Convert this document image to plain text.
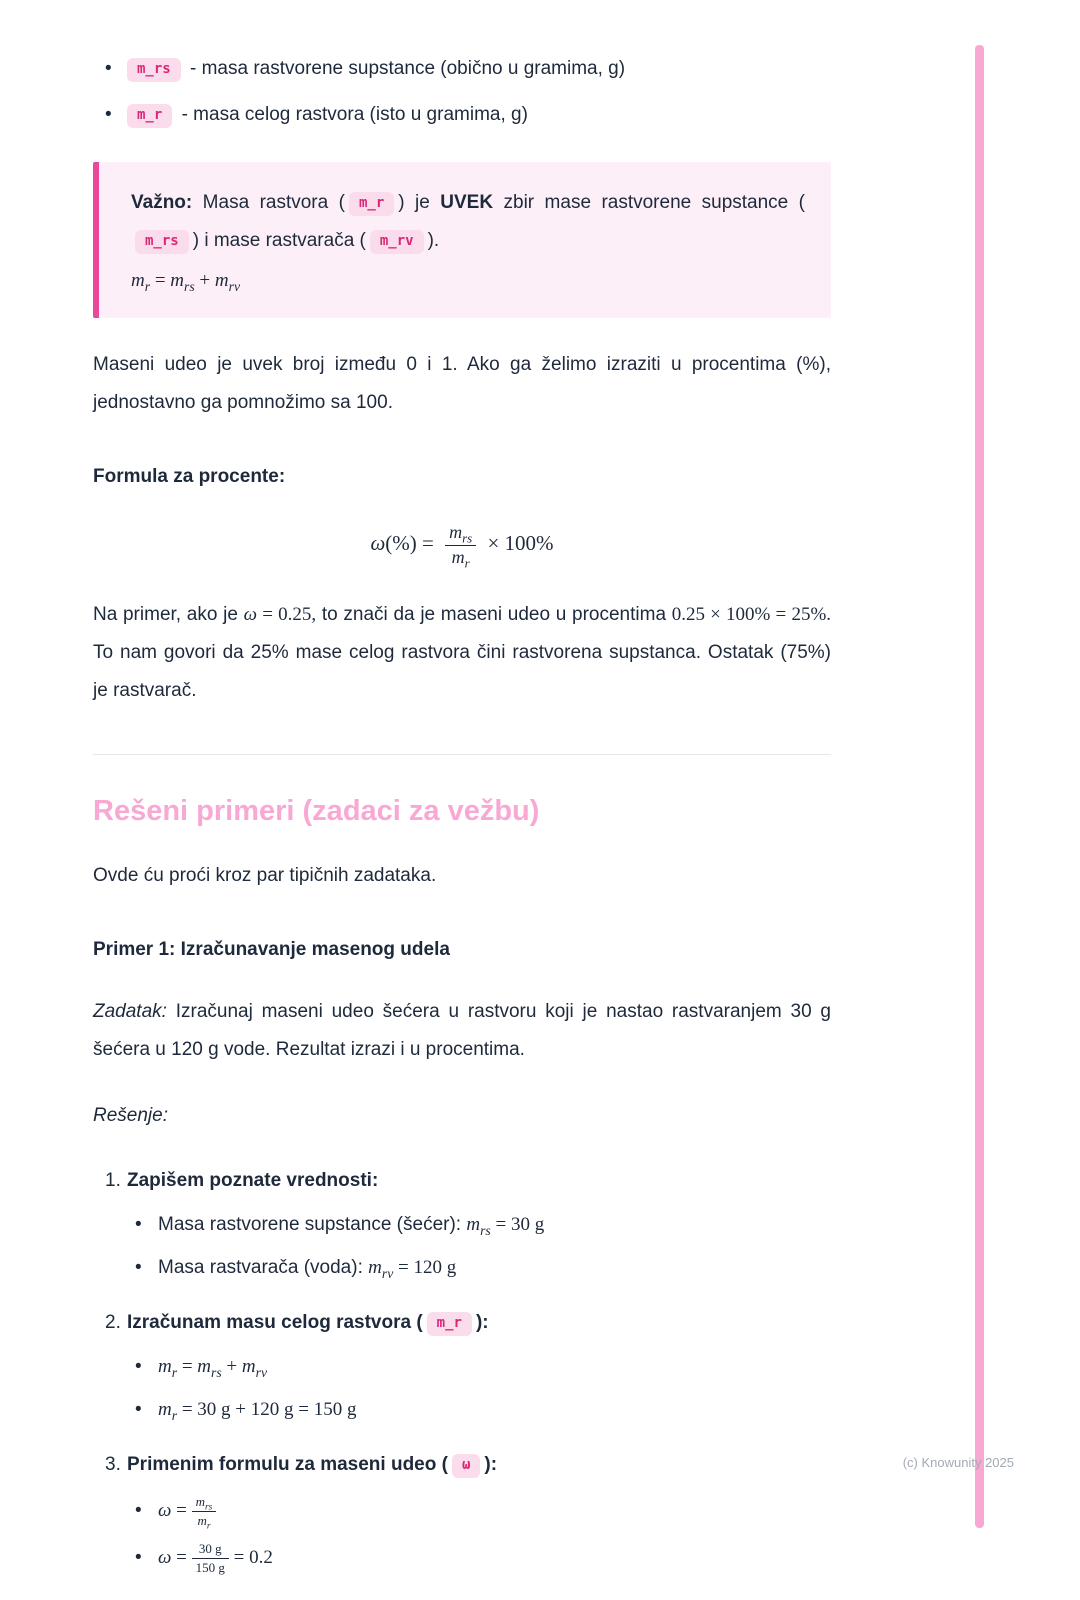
• m_rs - masa rastvorene supstance (obično u gramima, g)
• m_r - masa celog rastvora (isto u gramima, g)
Važno: Masa rastvora ( m_r ) je UVEK zbir mase rastvorene supstance (m_rs ) i mase rastvarača ( m_rv ).
$m_r = m_{rs} + m_{rv}$

Maseni udeo je uvek broj između 0 i 1. Ako ga želimo izraziti u procentima (%), jednostavno ga pomnožimo sa 100.

Formula za procente:

$\omega(\%) = \frac{m_{rs}}{m_r} \times 100\%$

Na primer, ako je ω = 0.25, to znači da je maseni udeo u procentima 0.25 × 100% = 25%. To nam govori da 25% mase celog rastvora čini rastvorena supstanca. Ostatak (75%) je rastvarač.

Rešeni primeri (zadaci za vežbu)

Ovde ću proći kroz par tipičnih zadataka.

Primer 1: Izračunavanje masenog udela

Zadatak: Izračunaj maseni udeo šećera u rastvoru koji je nastao rastvaranjem 30 g šećera u 120 g vode. Rezultat izrazi i u procentima.

Rešenje:

1. Zapišem poznate vrednosti:
• Masa rastvorene supstance (šećer): $m_{rs} = 30$ g
• Masa rastvarača (voda): $m_{rv} = 120$ g
2. Izračunam masu celog rastvora ( m_r ):
• $m_r = m_{rs} + m_{rv}$
• $m_r = 30$ g + 120 g = 150 g
3. Primenim formulu za maseni udeo ( ω ):
• $\omega = \frac{m_{rs}}{m_r}$
• $\omega = \frac{30 g}{150 g} = 0.2$
(c) Knowunity 2025
